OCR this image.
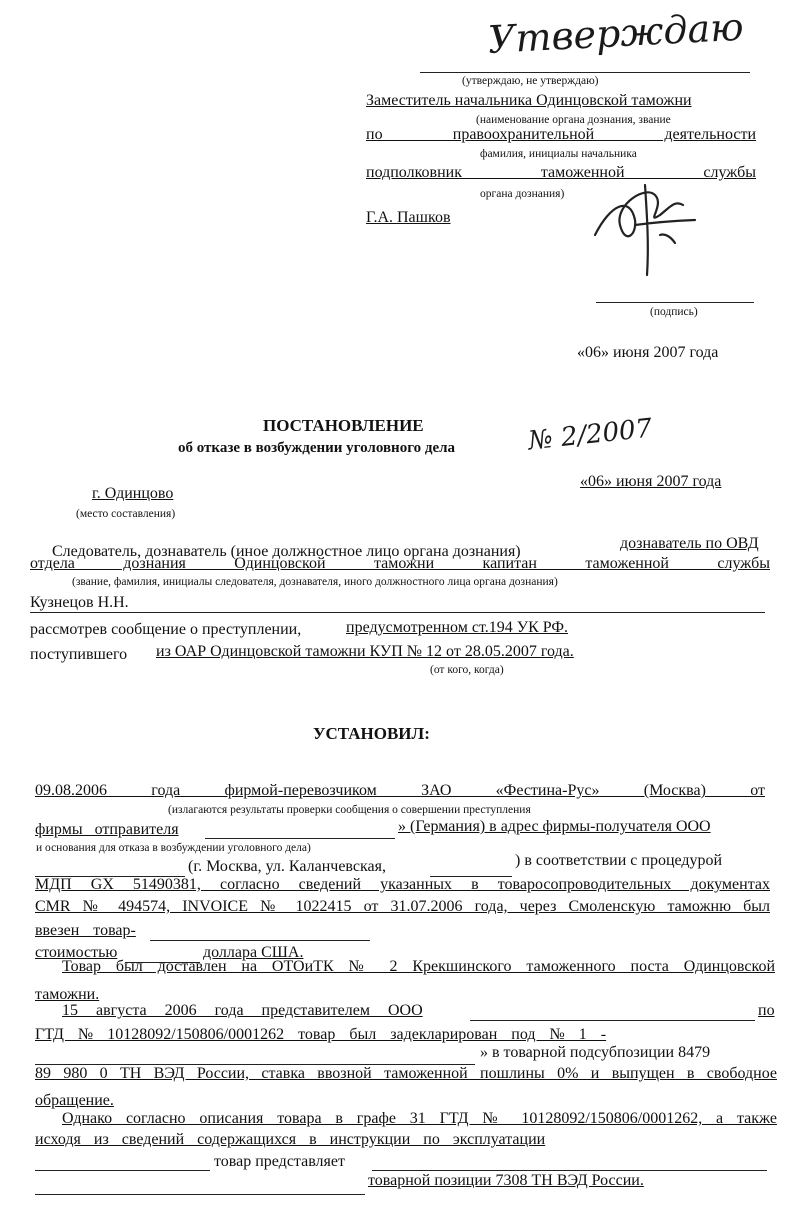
Утверждаю
(утверждаю, не утверждаю)
Заместитель начальника Одинцовской таможни
(наименование органа дознания, звание
по правоохранительной деятельности
фамилия, инициалы начальника
подполковник таможенной службы
органа дознания)
Г.А. Пашков
(подпись)
«06» июня 2007 года
ПОСТАНОВЛЕНИЕ
об отказе в возбуждении уголовного дела	№ 2/2007
г. Одинцово
(место составления)
«06» июня 2007 года
Следователь, дознаватель (иное должностное лицо органа дознания)	дознаватель по ОВД
отдела дознания Одинцовской таможни капитан таможенной службы
(звание, фамилия, инициалы следователя, дознавателя, иного должностного лица органа дознания)
Кузнецов Н.Н.
рассмотрев сообщение о преступлении,	предусмотренном ст.194 УК РФ.
поступившего из ОАР Одинцовской таможни КУП № 12 от 28.05.2007 года.
(от кого, когда)
УСТАНОВИЛ:
09.08.2006 года фирмой-перевозчиком ЗАО «Фестина-Рус» (Москва) от
(излагаются результаты проверки сообщения о совершении преступления
фирмы отправителя	» (Германия) в адрес фирмы-получателя ООО
и основания для отказа в возбуждении уголовного дела)
(г. Москва, ул. Каланчевская,	) в соответствии с процедурой
МДП GX 51490381, согласно сведений указанных в товаросопроводительных документах
CMR № 494574, INVOICE № 1022415 от 31.07.2006 года, через Смоленскую таможню был
ввезен товар-
стоимостью	доллара США.
Товар был доставлен на ОТОиТК № 2 Крекшинского таможенного поста Одинцовской
таможни.
15 августа 2006 года представителем ООО	по
ГТД № 10128092/150806/0001262 товар был задекларирован под № 1 -
» в товарной подсубпозиции 8479
89 980 0 ТН ВЭД России, ставка ввозной таможенной пошлины 0% и выпущен в свободное
обращение.
Однако согласно описания товара в графе 31 ГТД № 10128092/150806/0001262, а также
исходя из сведений содержащихся в инструкции по эксплуатации
товар представляет
товарной позиции 7308 ТН ВЭД России.
